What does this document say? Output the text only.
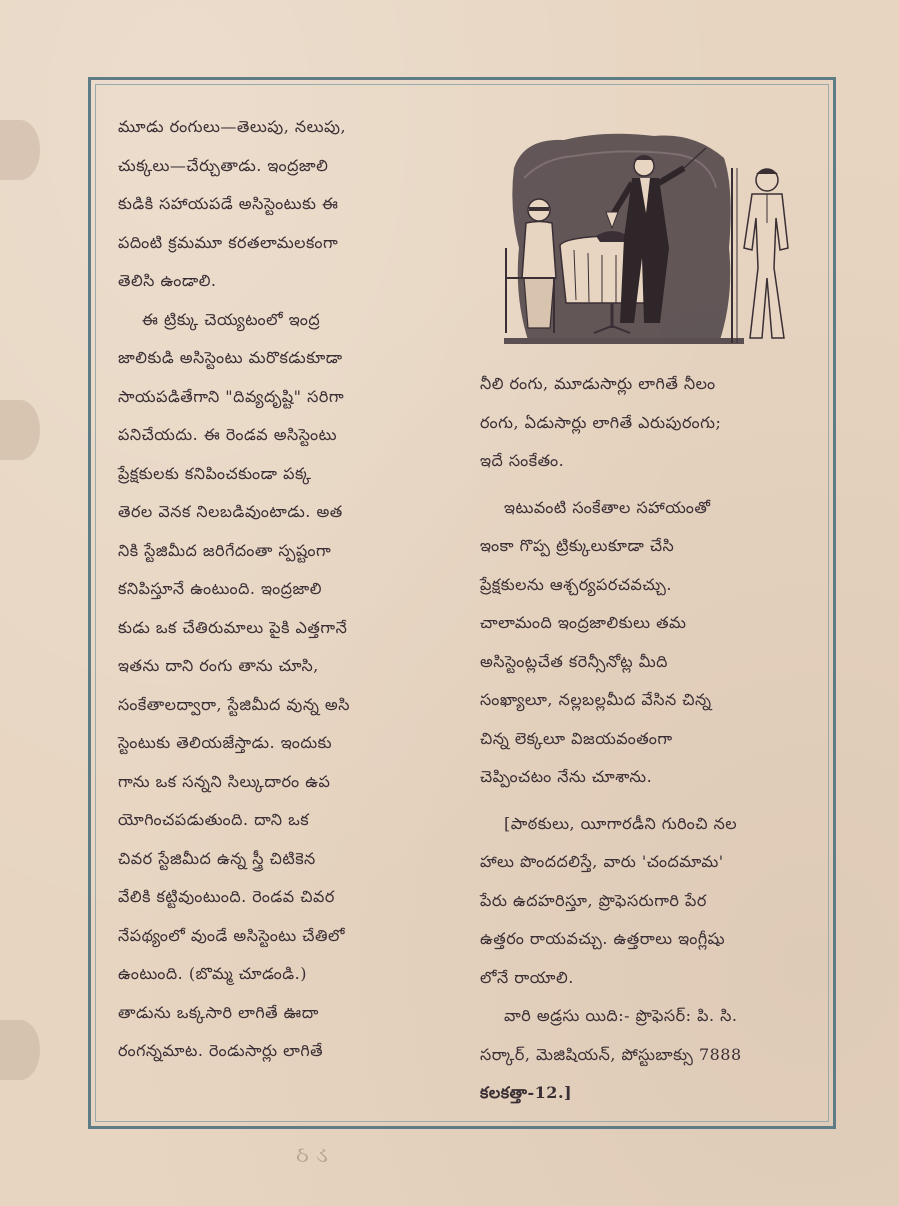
మూడు రంగులు—తెలుపు, నలుపు,

చుక్కలు—చేర్చుతాడు. ఇంద్రజాలి

కుడికి సహాయపడే అసిస్టెంటుకు ఈ

పదింటి క్రమమూ కరతలామలకంగా

తెలిసి ఉండాలి.

ఈ ట్రిక్కు చెయ్యటంలో ఇంద్ర

జాలికుడి అసిస్టెంటు మరొకడుకూడా

సాయపడితేగాని "దివ్యదృష్టి" సరిగా

పనిచేయదు. ఈ రెండవ అసిస్టెంటు

ప్రేక్షకులకు కనిపించకుండా పక్క

తెరల వెనక నిలబడివుంటాడు. అత

నికి స్టేజిమీద జరిగేదంతా స్పష్టంగా

కనిపిస్తూనే ఉంటుంది. ఇంద్రజాలి

కుడు ఒక చేతిరుమాలు పైకి ఎత్తగానే

ఇతను దాని రంగు తాను చూసి,

సంకేతాలద్వారా, స్టేజిమీద వున్న అసి

స్టెంటుకు తెలియజేస్తాడు. ఇందుకు

గాను ఒక సన్నని సిల్కుదారం ఉప

యోగించపడుతుంది. దాని ఒక

చివర స్టేజిమీద ఉన్న స్త్రీ చిటికెన

వేలికి కట్టివుంటుంది. రెండవ చివర

నేపథ్యంలో వుండే అసిస్టెంటు చేతిలో

ఉంటుంది. (బొమ్మ చూడండి.)

తాడును ఒక్కసారి లాగితే ఊదా

రంగన్నమాట. రెండుసార్లు లాగితే

నీలి రంగు, మూడుసార్లు లాగితే నీలం

రంగు, ఏడుసార్లు లాగితే ఎరుపురంగు;

ఇదే సంకేతం.

ఇటువంటి సంకేతాల సహాయంతో

ఇంకా గొప్ప ట్రిక్కులుకూడా చేసి

ప్రేక్షకులను ఆశ్చర్యపరచవచ్చు.

చాలామంది ఇంద్రజాలికులు తమ

అసిస్టెంట్లచేత కరెన్సీనోట్ల మీది

సంఖ్యాలూ, నల్లబల్లమీద వేసిన చిన్న

చిన్న లెక్కలూ విజయవంతంగా

చెప్పించటం నేను చూశాను.

[పాఠకులు, యీగారడీని గురించి నల

హాలు పొందదలిస్తే, వారు 'చందమామ'

పేరు ఉదహరిస్తూ, ప్రొఫెసరుగారి పేర

ఉత్తరం రాయవచ్చు. ఉత్తరాలు ఇంగ్లీషు

లోనే రాయాలి.

వారి అడ్రసు యిది:- ప్రొఫెసర్: పి. సి.

సర్కార్, మెజిషియన్, పోస్టుబాక్సు 7888

కలకత్తా-12.]

ઠ ડ
